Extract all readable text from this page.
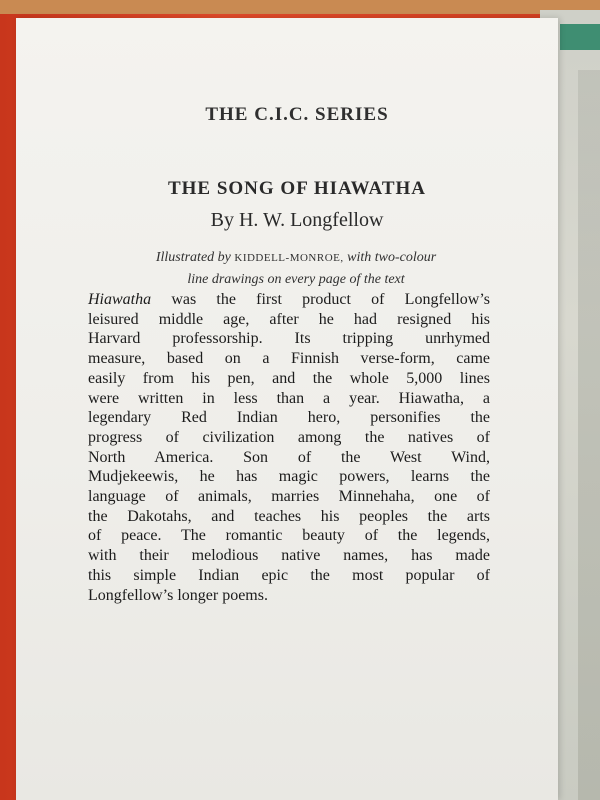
THE C.I.C. SERIES
THE SONG OF HIAWATHA
By H. W. Longfellow
Illustrated by KIDDELL-MONROE, with two-colour
line drawings on every page of the text
Hiawatha was the first product of Longfellow’s
leisured middle age, after he had resigned his
Harvard professorship. Its tripping unrhymed
measure, based on a Finnish verse-form, came
easily from his pen, and the whole 5,000 lines
were written in less than a year. Hiawatha, a
legendary Red Indian hero, personifies the
progress of civilization among the natives of
North America. Son of the West Wind,
Mudjekeewis, he has magic powers, learns the
language of animals, marries Minnehaha, one of
the Dakotahs, and teaches his peoples the arts
of peace. The romantic beauty of the legends,
with their melodious native names, has made
this simple Indian epic the most popular of
Longfellow’s longer poems.
